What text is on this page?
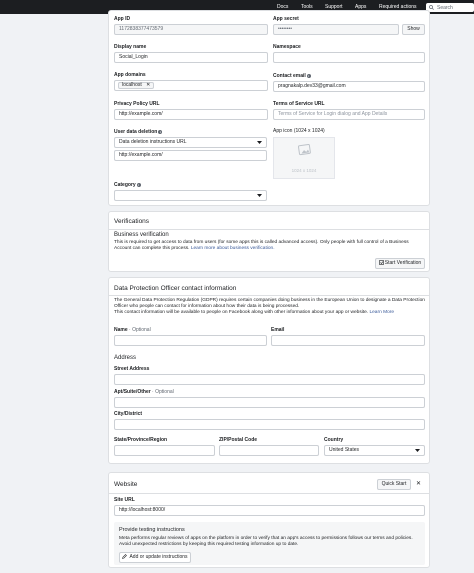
Docs	Tools Support Apps	Required actions	Search
App ID
1172838377473579
App secret
••••••••	Show
Display name
Social_Login
Namespace
App domains
localhost ✕
Contact email i
pragnakalp.dev33@gmail.com
Privacy Policy URL
http://example.com/
Terms of Service URL
Terms of Service for Login dialog and App Details
User data deletion i
Data deletion instructions URL
http://example.com/
App icon (1024 x 1024)
1024 x 1024
Category i
Verifications
Business verification
This is required to get access to data from users (for some apps this is called advanced access). Only people with full control of a Business Account can complete this process. Learn more about business verification.
Start Verification
Data Protection Officer contact information
The General Data Protection Regulation (GDPR) requires certain companies doing business in the European Union to designate a Data Protection Officer who people can contact for information about how their data is being processed.
This contact information will be available to people on Facebook along with other information about your app or website. Learn More
Name · Optional	Email
Address
Street Address
Apt/Suite/Other · Optional
City/District
State/Province/Region	ZIP/Postal Code	Country
United States
Website	Quick Start	✕
Site URL
http://localhost:8000/
Provide testing instructions
Meta performs regular reviews of apps on the platform in order to verify that an app's access to permissions follows our terms and policies. Avoid unexpected restrictions by keeping this required testing information up to date.
Add or update instructions
